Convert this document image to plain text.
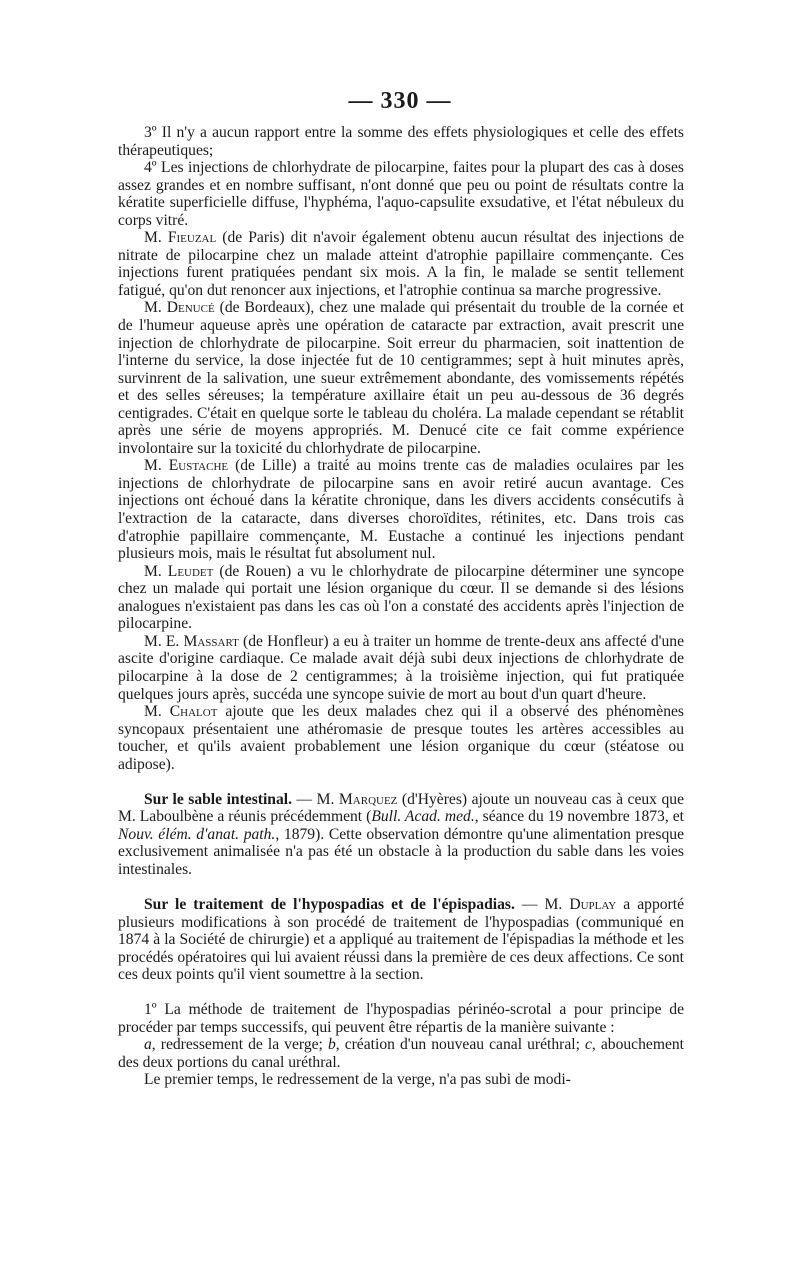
— 330 —

3º Il n'y a aucun rapport entre la somme des effets physiologiques et celle des effets thérapeutiques;

4º Les injections de chlorhydrate de pilocarpine, faites pour la plupart des cas à doses assez grandes et en nombre suffisant, n'ont donné que peu ou point de résultats contre la kératite superficielle diffuse, l'hyphéma, l'aquo-capsulite exsudative, et l'état nébuleux du corps vitré.

M. Fieuzal (de Paris) dit n'avoir également obtenu aucun résultat des injections de nitrate de pilocarpine chez un malade atteint d'atrophie papillaire commençante. Ces injections furent pratiquées pendant six mois. A la fin, le malade se sentit tellement fatigué, qu'on dut renoncer aux injections, et l'atrophie continua sa marche progressive.

M. Denucé (de Bordeaux), chez une malade qui présentait du trouble de la cornée et de l'humeur aqueuse après une opération de cataracte par extraction, avait prescrit une injection de chlorhydrate de pilocarpine. Soit erreur du pharmacien, soit inattention de l'interne du service, la dose injectée fut de 10 centigrammes; sept à huit minutes après, survinrent de la salivation, une sueur extrêmement abondante, des vomissements répétés et des selles séreuses; la température axillaire était un peu au-dessous de 36 degrés centigrades. C'était en quelque sorte le tableau du choléra. La malade cependant se rétablit après une série de moyens appropriés. M. Denucé cite ce fait comme expérience involontaire sur la toxicité du chlorhydrate de pilocarpine.

M. Eustache (de Lille) a traité au moins trente cas de maladies oculaires par les injections de chlorhydrate de pilocarpine sans en avoir retiré aucun avantage. Ces injections ont échoué dans la kératite chronique, dans les divers accidents consécutifs à l'extraction de la cataracte, dans diverses choroïdites, rétinites, etc. Dans trois cas d'atrophie papillaire commençante, M. Eustache a continué les injections pendant plusieurs mois, mais le résultat fut absolument nul.

M. Leudet (de Rouen) a vu le chlorhydrate de pilocarpine déterminer une syncope chez un malade qui portait une lésion organique du cœur. Il se demande si des lésions analogues n'existaient pas dans les cas où l'on a constaté des accidents après l'injection de pilocarpine.

M. E. Massart (de Honfleur) a eu à traiter un homme de trente-deux ans affecté d'une ascite d'origine cardiaque. Ce malade avait déjà subi deux injections de chlorhydrate de pilocarpine à la dose de 2 centigrammes; à la troisième injection, qui fut pratiquée quelques jours après, succéda une syncope suivie de mort au bout d'un quart d'heure.

M. Chalot ajoute que les deux malades chez qui il a observé des phénomènes syncopaux présentaient une athéromasie de presque toutes les artères accessibles au toucher, et qu'ils avaient probablement une lésion organique du cœur (stéatose ou adipose).

Sur le sable intestinal. — M. Marquez (d'Hyères) ajoute un nouveau cas à ceux que M. Laboulbène a réunis précédemment (Bull. Acad. med., séance du 19 novembre 1873, et Nouv. élém. d'anat. path., 1879). Cette observation démontre qu'une alimentation presque exclusivement animalisée n'a pas été un obstacle à la production du sable dans les voies intestinales.

Sur le traitement de l'hypospadias et de l'épispadias. — M. Duplay a apporté plusieurs modifications à son procédé de traitement de l'hypospadias (communiqué en 1874 à la Société de chirurgie) et a appliqué au traitement de l'épispadias la méthode et les procédés opératoires qui lui avaient réussi dans la première de ces deux affections. Ce sont ces deux points qu'il vient soumettre à la section.

1º La méthode de traitement de l'hypospadias périnéo-scrotal a pour principe de procéder par temps successifs, qui peuvent être répartis de la manière suivante :

a, redressement de la verge; b, création d'un nouveau canal uréthral; c, abouchement des deux portions du canal uréthral.

Le premier temps, le redressement de la verge, n'a pas subi de modi-
